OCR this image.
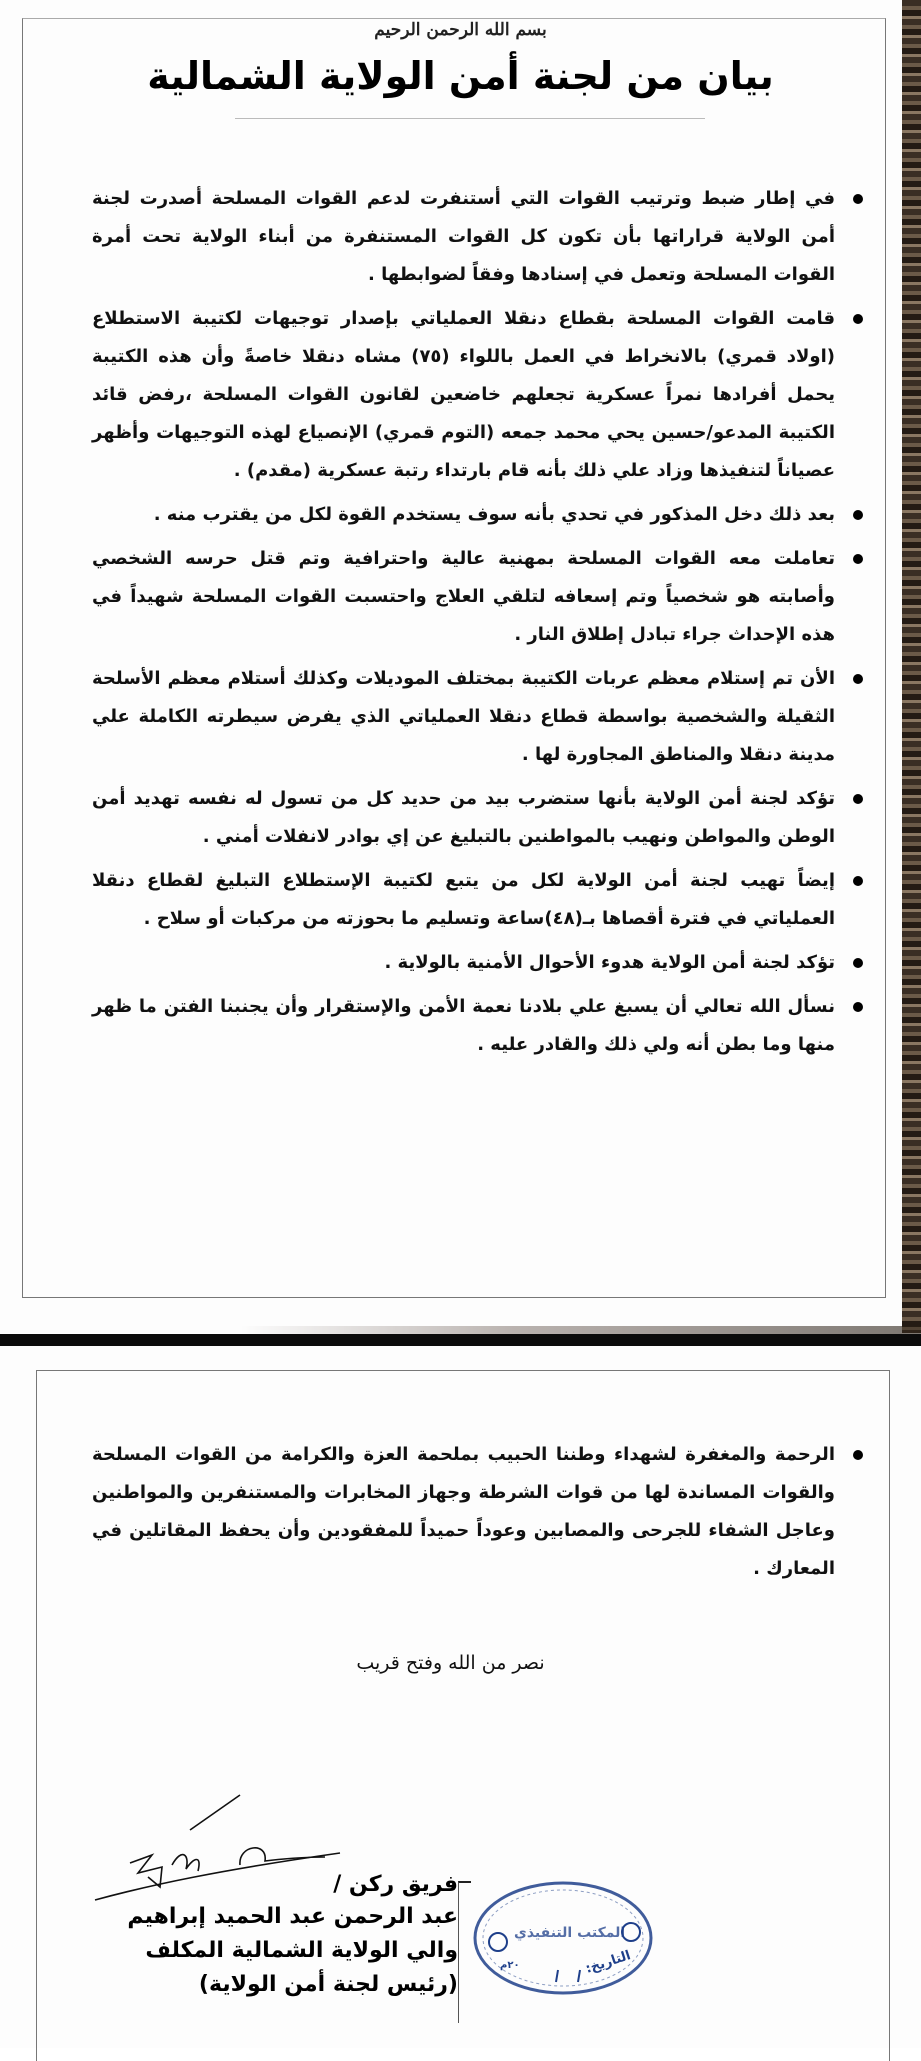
بسم الله الرحمن الرحيم
بيان من لجنة أمن الولاية الشمالية
في إطار ضبط وترتيب القوات التي أستنفرت لدعم القوات المسلحة أصدرت لجنة أمن الولاية قراراتها بأن تكون كل القوات المستنفرة من أبناء الولاية تحت أمرة القوات المسلحة وتعمل في إسنادها وفقاً لضوابطها .
قامت القوات المسلحة بقطاع دنقلا العملياتي بإصدار توجيهات لكتيبة الاستطلاع (اولاد قمري) بالانخراط في العمل باللواء (٧٥) مشاه دنقلا خاصةً وأن هذه الكتيبة يحمل أفرادها نمراً عسكرية تجعلهم خاضعين لقانون القوات المسلحة ،رفض قائد الكتيبة المدعو/حسين يحي محمد جمعه (التوم قمري) الإنصياع لهذه التوجيهات وأظهر عصياناً لتنفيذها وزاد علي ذلك بأنه قام بارتداء رتبة عسكرية (مقدم) .
بعد ذلك دخل المذكور في تحدي بأنه سوف يستخدم القوة لكل من يقترب منه .
تعاملت معه القوات المسلحة بمهنية عالية واحترافية وتم قتل حرسه الشخصي وأصابته هو شخصياً وتم إسعافه لتلقي العلاج واحتسبت القوات المسلحة شهيداً في هذه الإحداث جراء تبادل إطلاق النار .
الأن تم إستلام معظم عربات الكتيبة بمختلف الموديلات وكذلك أستلام معظم الأسلحة الثقيلة والشخصية بواسطة قطاع دنقلا العملياتي الذي يفرض سيطرته الكاملة علي مدينة دنقلا والمناطق المجاورة لها .
تؤكد لجنة أمن الولاية بأنها ستضرب بيد من حديد كل من تسول له نفسه تهديد أمن الوطن والمواطن ونهيب بالمواطنين بالتبليغ عن إي بوادر لانفلات أمني .
إيضاً تهيب لجنة أمن الولاية لكل من يتبع لكتيبة الإستطلاع التبليغ لقطاع دنقلا العملياتي في فترة أقصاها بـ(٤٨)ساعة وتسليم ما بحوزته من مركبات أو سلاح .
تؤكد لجنة أمن الولاية هدوء الأحوال الأمنية بالولاية .
نسأل الله تعالي أن يسبغ علي بلادنا نعمة الأمن والإستقرار وأن يجنبنا الفتن ما ظهر منها وما بطن أنه ولي ذلك والقادر عليه .
الرحمة والمغفرة لشهداء وطننا الحبيب بملحمة العزة والكرامة من القوات المسلحة والقوات المساندة لها من قوات الشرطة وجهاز المخابرات والمستنفرين والمواطنين وعاجل الشفاء للجرحى والمصابين وعوداً حميداً للمفقودين وأن يحفظ المقاتلين في المعارك .
نصر من الله وفتح قريب
فريق ركن /
عبد الرحمن عبد الحميد إبراهيم
والي الولاية الشمالية المكلف
(رئيس لجنة أمن الولاية)
المكتب التنفيذي
التاريخ:
٢٠م
